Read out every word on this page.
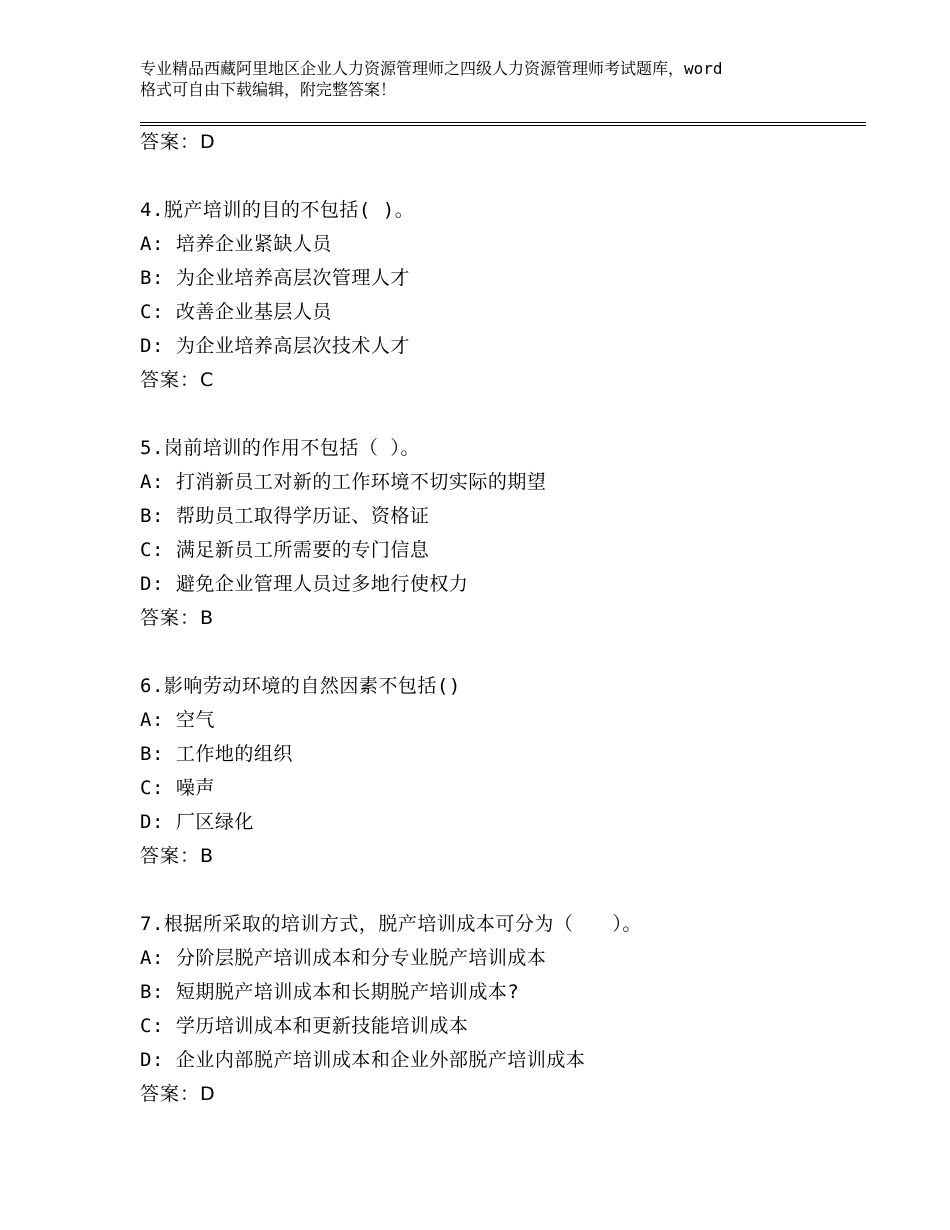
专业精品西藏阿里地区企业人力资源管理师之四级人力资源管理师考试题库，word
格式可自由下载编辑，附完整答案！
答案：D
4.脱产培训的目的不包括( )。
A: 培养企业紧缺人员
B: 为企业培养高层次管理人才
C: 改善企业基层人员
D: 为企业培养高层次技术人才
答案：C
5.岗前培训的作用不包括（ ）。
A: 打消新员工对新的工作环境不切实际的期望
B: 帮助员工取得学历证、资格证
C: 满足新员工所需要的专门信息
D: 避免企业管理人员过多地行使权力
答案：B
6.影响劳动环境的自然因素不包括()
A: 空气
B: 工作地的组织
C: 噪声
D: 厂区绿化
答案：B
7.根据所采取的培训方式，脱产培训成本可分为（　　）。
A: 分阶层脱产培训成本和分专业脱产培训成本
B: 短期脱产培训成本和长期脱产培训成本?
C: 学历培训成本和更新技能培训成本
D: 企业内部脱产培训成本和企业外部脱产培训成本
答案：D
